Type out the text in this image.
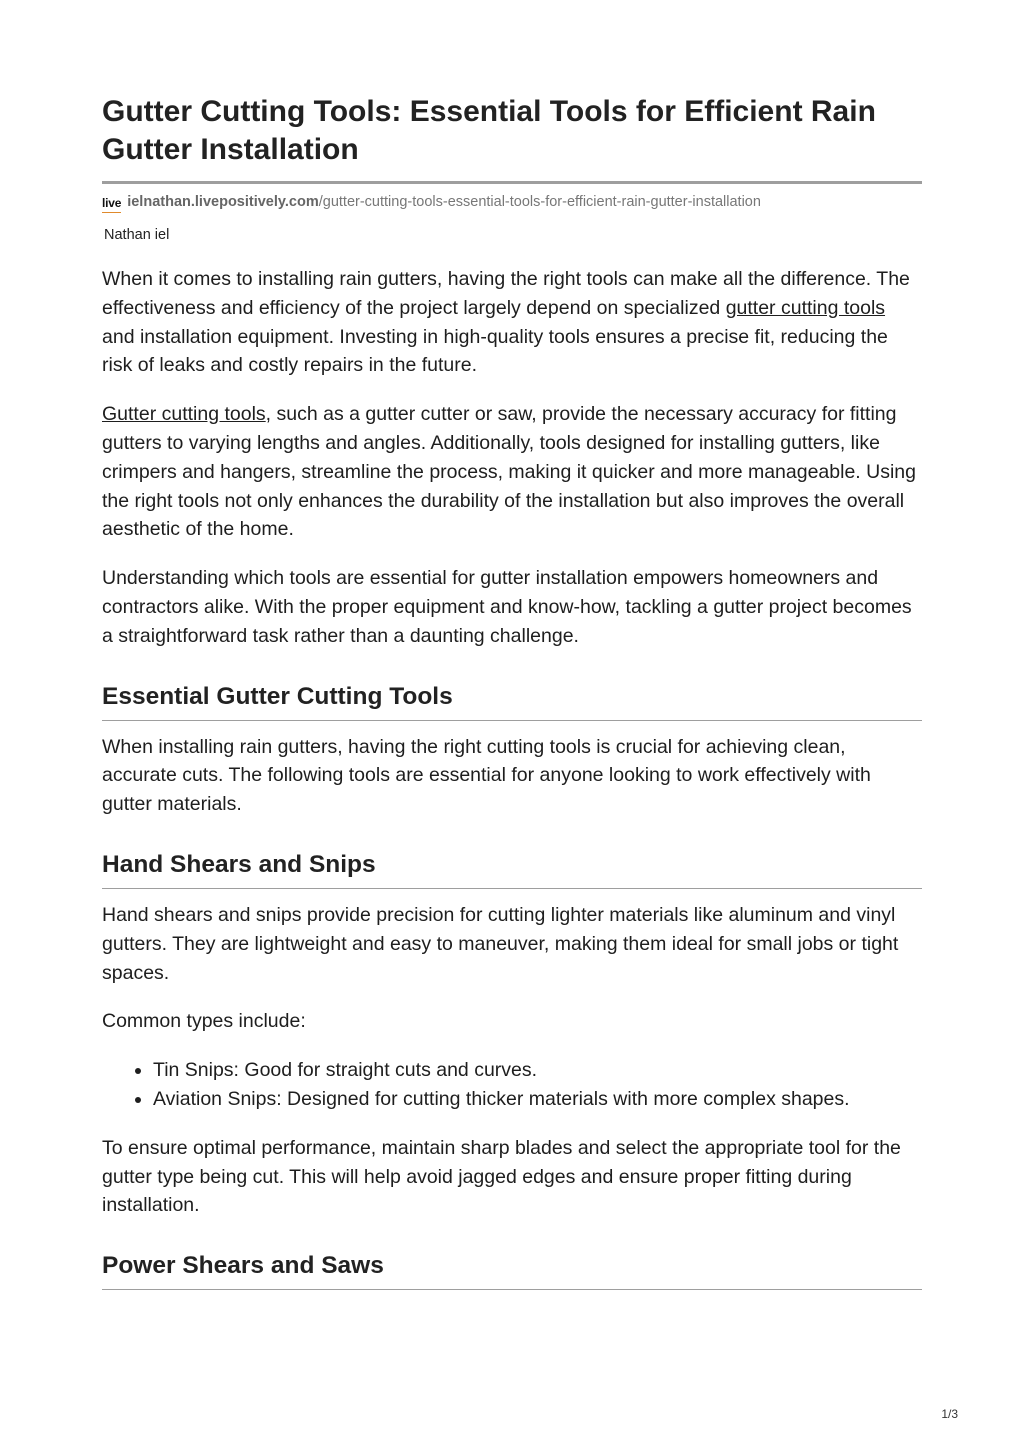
Gutter Cutting Tools: Essential Tools for Efficient Rain Gutter Installation
live ielnathan.livepositively.com/gutter-cutting-tools-essential-tools-for-efficient-rain-gutter-installation
Nathan iel

When it comes to installing rain gutters, having the right tools can make all the difference. The effectiveness and efficiency of the project largely depend on specialized gutter cutting tools and installation equipment. Investing in high-quality tools ensures a precise fit, reducing the risk of leaks and costly repairs in the future.

Gutter cutting tools, such as a gutter cutter or saw, provide the necessary accuracy for fitting gutters to varying lengths and angles. Additionally, tools designed for installing gutters, like crimpers and hangers, streamline the process, making it quicker and more manageable. Using the right tools not only enhances the durability of the installation but also improves the overall aesthetic of the home.

Understanding which tools are essential for gutter installation empowers homeowners and contractors alike. With the proper equipment and know-how, tackling a gutter project becomes a straightforward task rather than a daunting challenge.

Essential Gutter Cutting Tools

When installing rain gutters, having the right cutting tools is crucial for achieving clean, accurate cuts. The following tools are essential for anyone looking to work effectively with gutter materials.

Hand Shears and Snips

Hand shears and snips provide precision for cutting lighter materials like aluminum and vinyl gutters. They are lightweight and easy to maneuver, making them ideal for small jobs or tight spaces.

Common types include:

• Tin Snips: Good for straight cuts and curves.
• Aviation Snips: Designed for cutting thicker materials with more complex shapes.

To ensure optimal performance, maintain sharp blades and select the appropriate tool for the gutter type being cut. This will help avoid jagged edges and ensure proper fitting during installation.

Power Shears and Saws
1/3
